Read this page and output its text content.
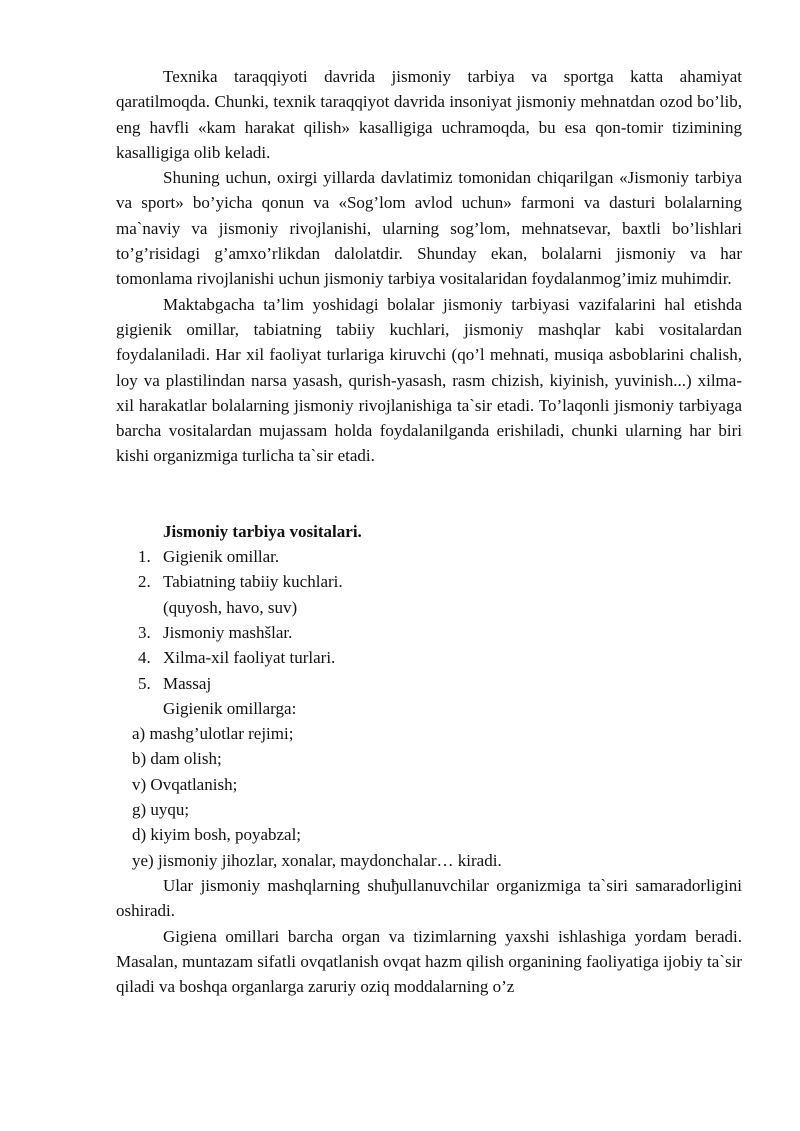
Texnika taraqqiyoti davrida jismoniy tarbiya va sportga katta ahamiyat qaratilmoqda. Chunki, texnik taraqqiyot davrida insoniyat jismoniy mehnatdan ozod bo’lib, eng havfli «kam harakat qilish» kasalligiga uchramoqda, bu esa qon-tomir tizimining kasalligiga olib keladi.

Shuning uchun, oxirgi yillarda davlatimiz tomonidan chiqarilgan «Jismoniy tarbiya va sport» bo’yicha qonun va «Sog’lom avlod uchun» farmoni va dasturi bolalarning ma`naviy va jismoniy rivojlanishi, ularning sog’lom, mehnatsevar, baxtli bo’lishlari to’g’risidagi g’amxo’rlikdan dalolatdir. Shunday ekan, bolalarni jismoniy va har tomonlama rivojlanishi uchun jismoniy tarbiya vositalaridan foydalanmog’imiz muhimdir.

Maktabgacha ta’lim yoshidagi bolalar jismoniy tarbiyasi vazifalarini hal etishda gigienik omillar, tabiatning tabiiy kuchlari, jismoniy mashqlar kabi vositalardan foydalaniladi. Har xil faoliyat turlariga kiruvchi (qo’l mehnati, musiqa asboblarini chalish, loy va plastilindan narsa yasash, qurish-yasash, rasm chizish, kiyinish, yuvinish...) xilma-xil harakatlar bolalarning jismoniy rivojlanishiga ta`sir etadi. To’laqonli jismoniy tarbiyaga barcha vositalardan mujassam holda foydalanilganda erishiladi, chunki ularning har biri kishi organizmiga turlicha ta`sir etadi.

Jismoniy tarbiya vositalari.

1. Gigienik omillar.
2. Tabiatning tabiiy kuchlari.
(quyosh, havo, suv)
3. Jismoniy mashšlar.
4. Xilma-xil faoliyat turlari.
5. Massaj

Gigienik omillarga:

a) mashg’ulotlar rejimi;
b) dam olish;
v) Ovqatlanish;
g) uyqu;
d) kiyim bosh, poyabzal;
ye) jismoniy jihozlar, xonalar, maydonchalar… kiradi.

Ular jismoniy mashqlarning shuђullanuvchilar organizmiga ta`siri samaradorligini oshiradi.

Gigiena omillari barcha organ va tizimlarning yaxshi ishlashiga yordam beradi. Masalan, muntazam sifatli ovqatlanish ovqat hazm qilish organining faoliyatiga ijobiy ta`sir qiladi va boshqa organlarga zaruriy oziq moddalarning o’z
